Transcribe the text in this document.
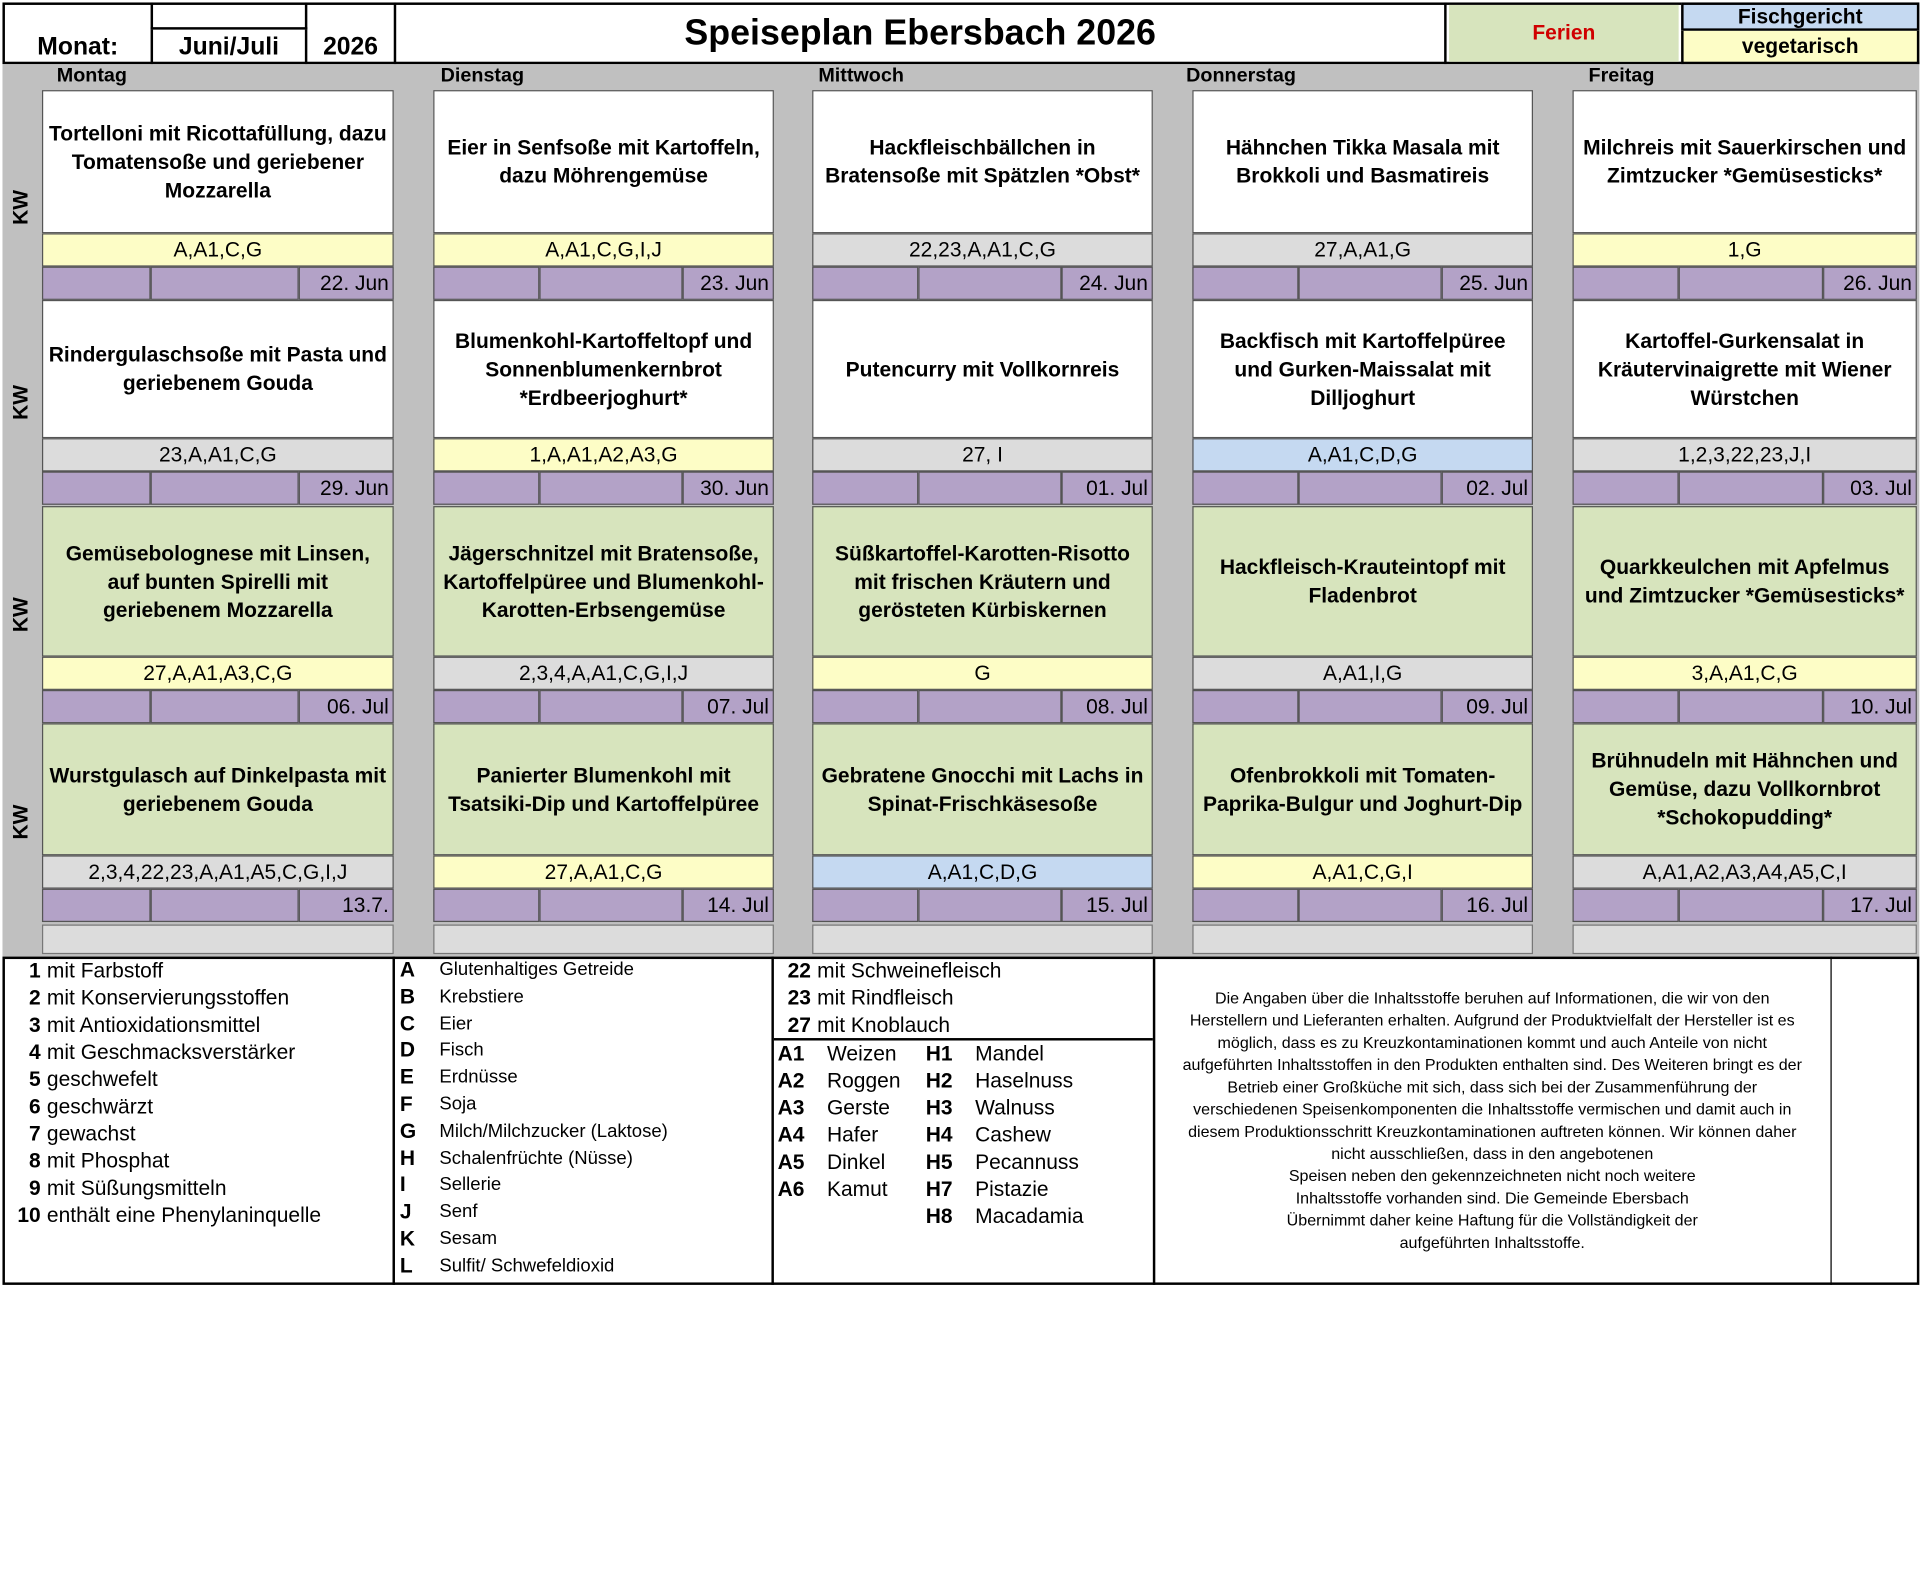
Monat:	Juni/Juli	2026	Speiseplan Ebersbach 2026	Ferien
Fischgericht
vegetarisch
Montag	Dienstag	Mittwoch	Donnerstag	Freitag
KW
Tortelloni mit Ricottafüllung, dazu Tomatensoße und geriebener Mozzarella
A,A1,C,G
22. Jun
Eier in Senfsoße mit Kartoffeln, dazu Möhrengemüse
A,A1,C,G,I,J
23. Jun
Hackfleischbällchen in Bratensoße mit Spätzlen *Obst*
22,23,A,A1,C,G
24. Jun
Hähnchen Tikka Masala mit Brokkoli und Basmatireis
27,A,A1,G
25. Jun
Milchreis mit Sauerkirschen und Zimtzucker *Gemüsesticks*
1,G
26. Jun
KW
Rindergulaschsoße mit Pasta und geriebenem Gouda
23,A,A1,C,G
29. Jun
Blumenkohl-Kartoffeltopf und Sonnenblumenkernbrot *Erdbeerjoghurt*
1,A,A1,A2,A3,G
30. Jun
Putencurry mit Vollkornreis
27, I
01. Jul
Backfisch mit Kartoffelpüree und Gurken-Maissalat mit Dilljoghurt
A,A1,C,D,G
02. Jul
Kartoffel-Gurkensalat in Kräutervinaigrette mit Wiener Würstchen
1,2,3,22,23,J,I
03. Jul
KW
Gemüsebolognese mit Linsen, auf bunten Spirelli mit geriebenem Mozzarella
27,A,A1,A3,C,G
06. Jul
Jägerschnitzel mit Bratensoße, Kartoffelpüree und Blumenkohl-Karotten-Erbsengemüse
2,3,4,A,A1,C,G,I,J
07. Jul
Süßkartoffel-Karotten-Risotto mit frischen Kräutern und gerösteten Kürbiskernen
G
08. Jul
Hackfleisch-Krauteintopf mit Fladenbrot
A,A1,I,G
09. Jul
Quarkkeulchen mit Apfelmus und Zimtzucker *Gemüsesticks*
3,A,A1,C,G
10. Jul
KW
Wurstgulasch auf Dinkelpasta mit geriebenem Gouda
2,3,4,22,23,A,A1,A5,C,G,I,J
13.7.
Panierter Blumenkohl mit Tsatsiki-Dip und Kartoffelpüree
27,A,A1,C,G
14. Jul
Gebratene Gnocchi mit Lachs in Spinat-Frischkäsesoße
A,A1,C,D,G
15. Jul
Ofenbrokkoli mit Tomaten-Paprika-Bulgur und Joghurt-Dip
A,A1,C,G,I
16. Jul
Brühnudeln mit Hähnchen und Gemüse, dazu Vollkornbrot *Schokopudding*
A,A1,A2,A3,A4,A5,C,I
17. Jul
1 mit Farbstoff
2 mit Konservierungsstoffen
3 mit Antioxidationsmittel
4 mit Geschmacksverstärker
5 geschwefelt
6 geschwärzt
7 gewachst
8 mit Phosphat
9 mit Süßungsmitteln
10 enthält eine Phenylaninquelle
A	Glutenhaltiges Getreide
B	Krebstiere
C	Eier
D	Fisch
E	Erdnüsse
F	Soja
G	Milch/Milchzucker (Laktose)
H	Schalenfrüchte (Nüsse)
I	Sellerie
J	Senf
K	Sesam
L	Sulfit/ Schwefeldioxid
22 mit Schweinefleisch
23 mit Rindfleisch
27 mit Knoblauch
A1	Weizen
A2	Roggen
A3	Gerste
A4	Hafer
A5	Dinkel
A6	Kamut
H1	Mandel
H2	Haselnuss
H3	Walnuss
H4	Cashew
H5	Pecannuss
H7	Pistazie
H8	Macadamia
Die Angaben über die Inhaltsstoffe beruhen auf Informationen, die wir von den
Herstellern und Lieferanten erhalten. Aufgrund der Produktvielfalt der Hersteller ist es
möglich, dass es zu Kreuzkontaminationen kommt und auch Anteile von nicht
aufgeführten Inhaltsstoffen in den Produkten enthalten sind. Des Weiteren bringt es der
Betrieb einer Großküche mit sich, dass sich bei der Zusammenführung der
verschiedenen Speisenkomponenten die Inhaltsstoffe vermischen und damit auch in
diesem Produktionsschritt Kreuzkontaminationen auftreten können. Wir können daher
nicht ausschließen, dass in den angebotenen
Speisen neben den gekennzeichneten nicht noch weitere
Inhaltsstoffe vorhanden sind. Die Gemeinde Ebersbach
Übernimmt daher keine Haftung für die Vollständigkeit der
aufgeführten Inhaltsstoffe.
